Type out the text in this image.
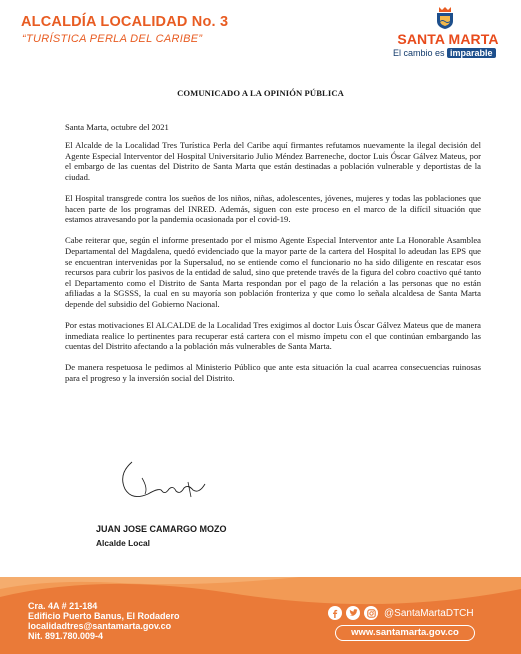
ALCALDÍA LOCALIDAD No. 3
“TURÍSTICA PERLA DEL CARIBE”	SANTA MARTA
El cambio es imparable
COMUNICADO A LA OPINIÓN PÚBLICA
Santa Marta, octubre del 2021

El Alcalde de la Localidad Tres Turística Perla del Caribe aquí firmantes refutamos nuevamente la ilegal decisión del Agente Especial Interventor del Hospital Universitario Julio Méndez Barreneche, doctor Luis Óscar Gálvez Mateus, por el embargo de las cuentas del Distrito de Santa Marta que están destinadas a población vulnerable y deportistas de la ciudad.

El Hospital transgrede contra los sueños de los niños, niñas, adolescentes, jóvenes, mujeres y todas las poblaciones que hacen parte de los programas del INRED. Además, siguen con este proceso en el marco de la difícil situación que estamos atravesando por la pandemia ocasionada por el covid-19.

Cabe reiterar que, según el informe presentado por el mismo Agente Especial Interventor ante La Honorable Asamblea Departamental del Magdalena, quedó evidenciado que la mayor parte de la cartera del Hospital lo adeudan las EPS que se encuentran intervenidas por la Supersalud, no se entiende como el funcionario no ha sido diligente en rescatar esos recursos para cubrir los pasivos de la entidad de salud, sino que pretende través de la figura del cobro coactivo qué tanto el Departamento como el Distrito de Santa Marta respondan por el pago de la relación a las personas que no están afiliadas a la SGSSS, la cual en su mayoría son población fronteriza y que como lo señala alcaldesa de Santa Marta depende del subsidio del Gobierno Nacional.

Por estas motivaciones El ALCALDE de la Localidad Tres exigimos al doctor Luis Óscar Gálvez Mateus que de manera inmediata realice lo pertinentes para recuperar está cartera con el mismo ímpetu con el que continúan embargando las cuentas del Distrito afectando a la población más vulnerables de Santa Marta.

De manera respetuosa le pedimos al Ministerio Público que ante esta situación la cual acarrea consecuencias ruinosas para el progreso y la inversión social del Distrito.

JUAN JOSE CAMARGO MOZO
Alcalde Local
Cra. 4A # 21-184
Edificio Puerto Banus, El Rodadero
localidadtres@santamarta.gov.co
Nit. 891.780.009-4
@SantaMartaDTCH
www.santamarta.gov.co
